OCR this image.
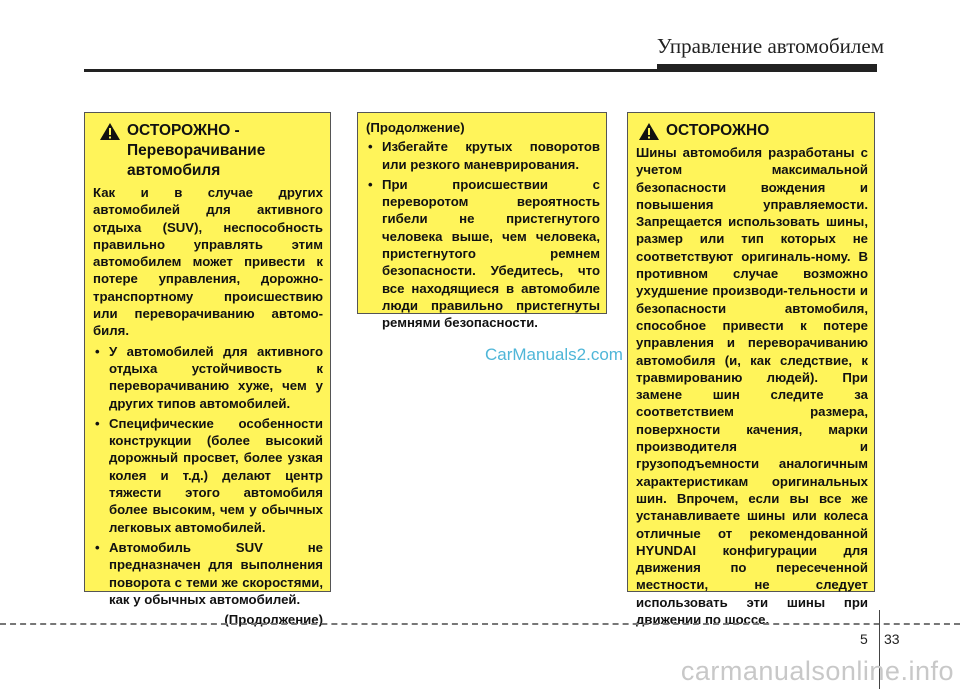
Управление автомобилем
ОСТОРОЖНО - Переворачивание автомобиля

Как и в случае других автомобилей для активного отдыха (SUV), неспособность правильно управлять этим автомобилем может привести к потере управления, дорожно-транспортному происшествию или переворачиванию автомо-биля.

• У автомобилей для активного отдыха устойчивость к переворачиванию хуже, чем у других типов автомобилей.
• Специфические особенности конструкции (более высокий дорожный просвет, более узкая колея и т.д.) делают центр тяжести этого автомобиля более высоким, чем у обычных легковых автомобилей.
• Автомобиль SUV не предназначен для выполнения поворота с теми же скоростями, как у обычных автомобилей.
(Продолжение)
(Продолжение)
• Избегайте крутых поворотов или резкого маневрирования.
• При происшествии с переворотом вероятность гибели не пристегнутого человека выше, чем человека, пристегнутого ремнем безопасности. Убедитесь, что все находящиеся в автомобиле люди правильно пристегнуты ремнями безопасности.
ОСТОРОЖНО

Шины автомобиля разработаны с учетом максимальной безопасности вождения и повышения управляемости. Запрещается использовать шины, размер или тип которых не соответствуют оригиналь-ному. В противном случае возможно ухудшение производи-тельности и безопасности автомобиля, способное привести к потере управления и переворачиванию автомобиля (и, как следствие, к травмированию людей). При замене шин следите за соответствием размера, поверхности качения, марки производителя и грузоподъемности аналогичным характеристикам оригинальных шин. Впрочем, если вы все же устанавливаете шины или колеса отличные от рекомендованной HYUNDAI конфигурации для движения по пересеченной местности, не следует использовать эти шины при движении по шоссе.

CarManuals2.com
5 33
carmanualsonline.info
